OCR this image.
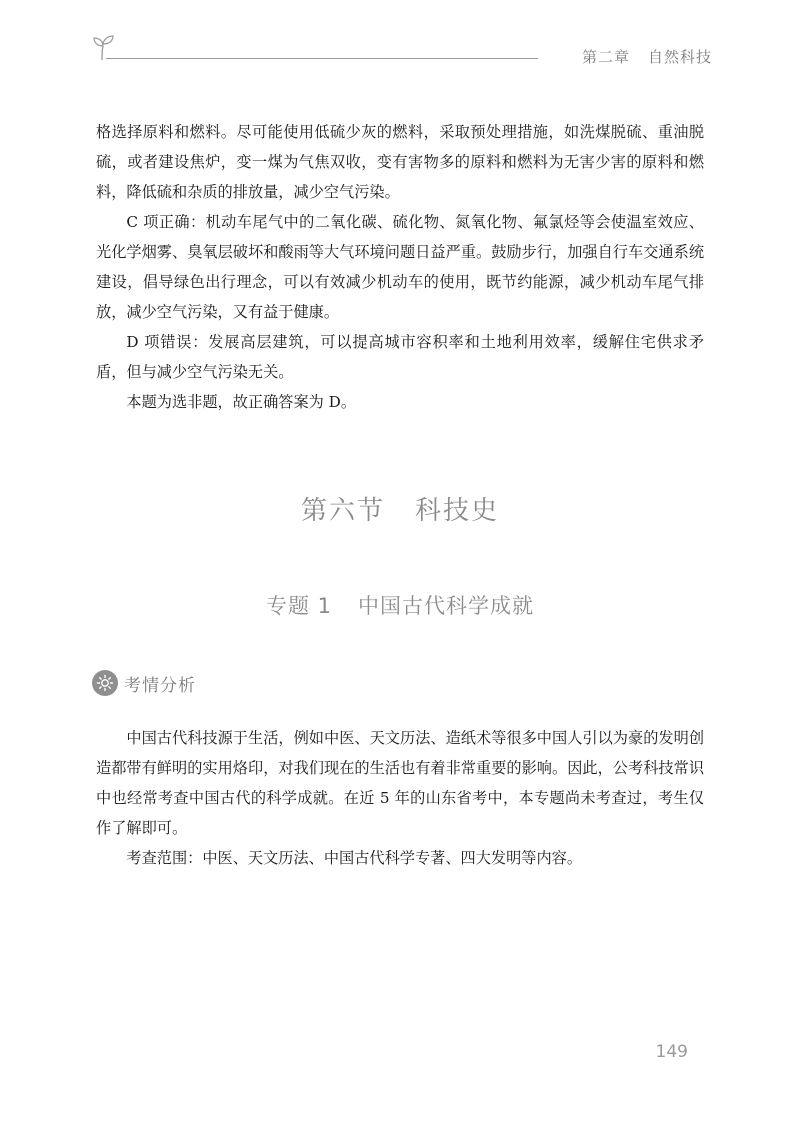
第二章 自然科技

格选择原料和燃料。尽可能使用低硫少灰的燃料，采取预处理措施，如洗煤脱硫、重油脱硫，或者建设焦炉，变一煤为气焦双收，变有害物多的原料和燃料为无害少害的原料和燃料，降低硫和杂质的排放量，减少空气污染。

C 项正确：机动车尾气中的二氧化碳、硫化物、氮氧化物、氟氯烃等会使温室效应、光化学烟雾、臭氧层破坏和酸雨等大气环境问题日益严重。鼓励步行，加强自行车交通系统建设，倡导绿色出行理念，可以有效减少机动车的使用，既节约能源，减少机动车尾气排放，减少空气污染，又有益于健康。

D 项错误：发展高层建筑，可以提高城市容积率和土地利用效率，缓解住宅供求矛盾，但与减少空气污染无关。

本题为选非题，故正确答案为 D。

第六节 科技史
专题 1 中国古代科学成就
考情分析

中国古代科技源于生活，例如中医、天文历法、造纸术等很多中国人引以为豪的发明创造都带有鲜明的实用烙印，对我们现在的生活也有着非常重要的影响。因此，公考科技常识中也经常考查中国古代的科学成就。在近 5 年的山东省考中，本专题尚未考查过，考生仅作了解即可。

考查范围：中医、天文历法、中国古代科学专著、四大发明等内容。

149
